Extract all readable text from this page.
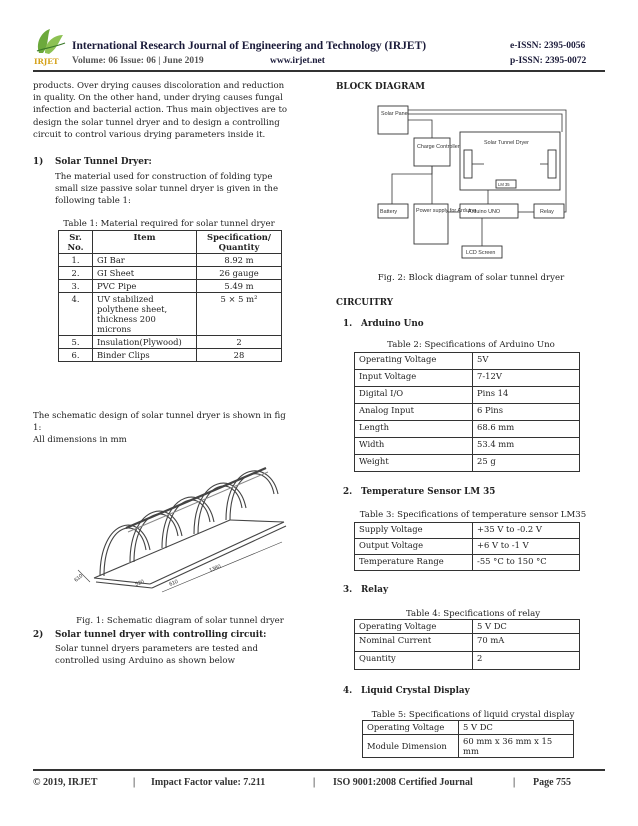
IRJET
International Research Journal of Engineering and Technology (IRJET)
Volume: 06 Issue: 06 | June 2019	www.irjet.net
e-ISSN: 2395-0056
p-ISSN: 2395-0072
products. Over drying causes discoloration and reduction
in quality. On the other hand, under drying causes fungal
infection and bacterial action. Thus main objectives are to
design the solar tunnel dryer and to design a controlling
circuit to control various drying parameters inside it.
1) Solar Tunnel Dryer:
The material used for construction of folding type
small size passive solar tunnel dryer is given in the
following table 1:
Table 1: Material required for solar tunnel dryer
Sr. No.	Item	Specification/ Quantity
1.	GI Bar	8.92 m
2.	GI Sheet	26 gauge
3.	PVC Pipe	5.49 m
4.	UV stabilized polythene sheet, thickness 200 microns	5 × 5 m²
5.	Insulation(Plywood)	2
6.	Binder Clips	28
The schematic design of solar tunnel dryer is shown in fig
1:
All dimensions in mm
1380
610
520
610
Fig. 1: Schematic diagram of solar tunnel dryer
2) Solar tunnel dryer with controlling circuit:
Solar tunnel dryers parameters are tested and
controlled using Arduino as shown below
BLOCK DIAGRAM
Solar Panel
Charge Controller
Solar Tunnel Dryer
LM 35
Battery	Power supply for Arduino
Arduino UNO	Relay
LCD Screen
Fig. 2: Block diagram of solar tunnel dryer
CIRCUITRY
1. Arduino Uno
Table 2: Specifications of Arduino Uno
Operating Voltage	5V
Input Voltage	7-12V
Digital I/O	Pins 14
Analog Input	6 Pins
Length	68.6 mm
Width	53.4 mm
Weight	25 g
2. Temperature Sensor LM 35
Table 3: Specifications of temperature sensor LM35
Supply Voltage	+35 V to -0.2 V
Output Voltage	+6 V to -1 V
Temperature Range	-55 °C to 150 °C
3. Relay
Table 4: Specifications of relay
Operating Voltage	5 V DC
Nominal Current	70 mA
Quantity	2
4. Liquid Crystal Display
Table 5: Specifications of liquid crystal display
Operating Voltage	5 V DC
Module Dimension	60 mm x 36 mm x 15 mm
© 2019, IRJET	| Impact Factor value: 7.211	| ISO 9001:2008 Certified Journal	| Page 755
